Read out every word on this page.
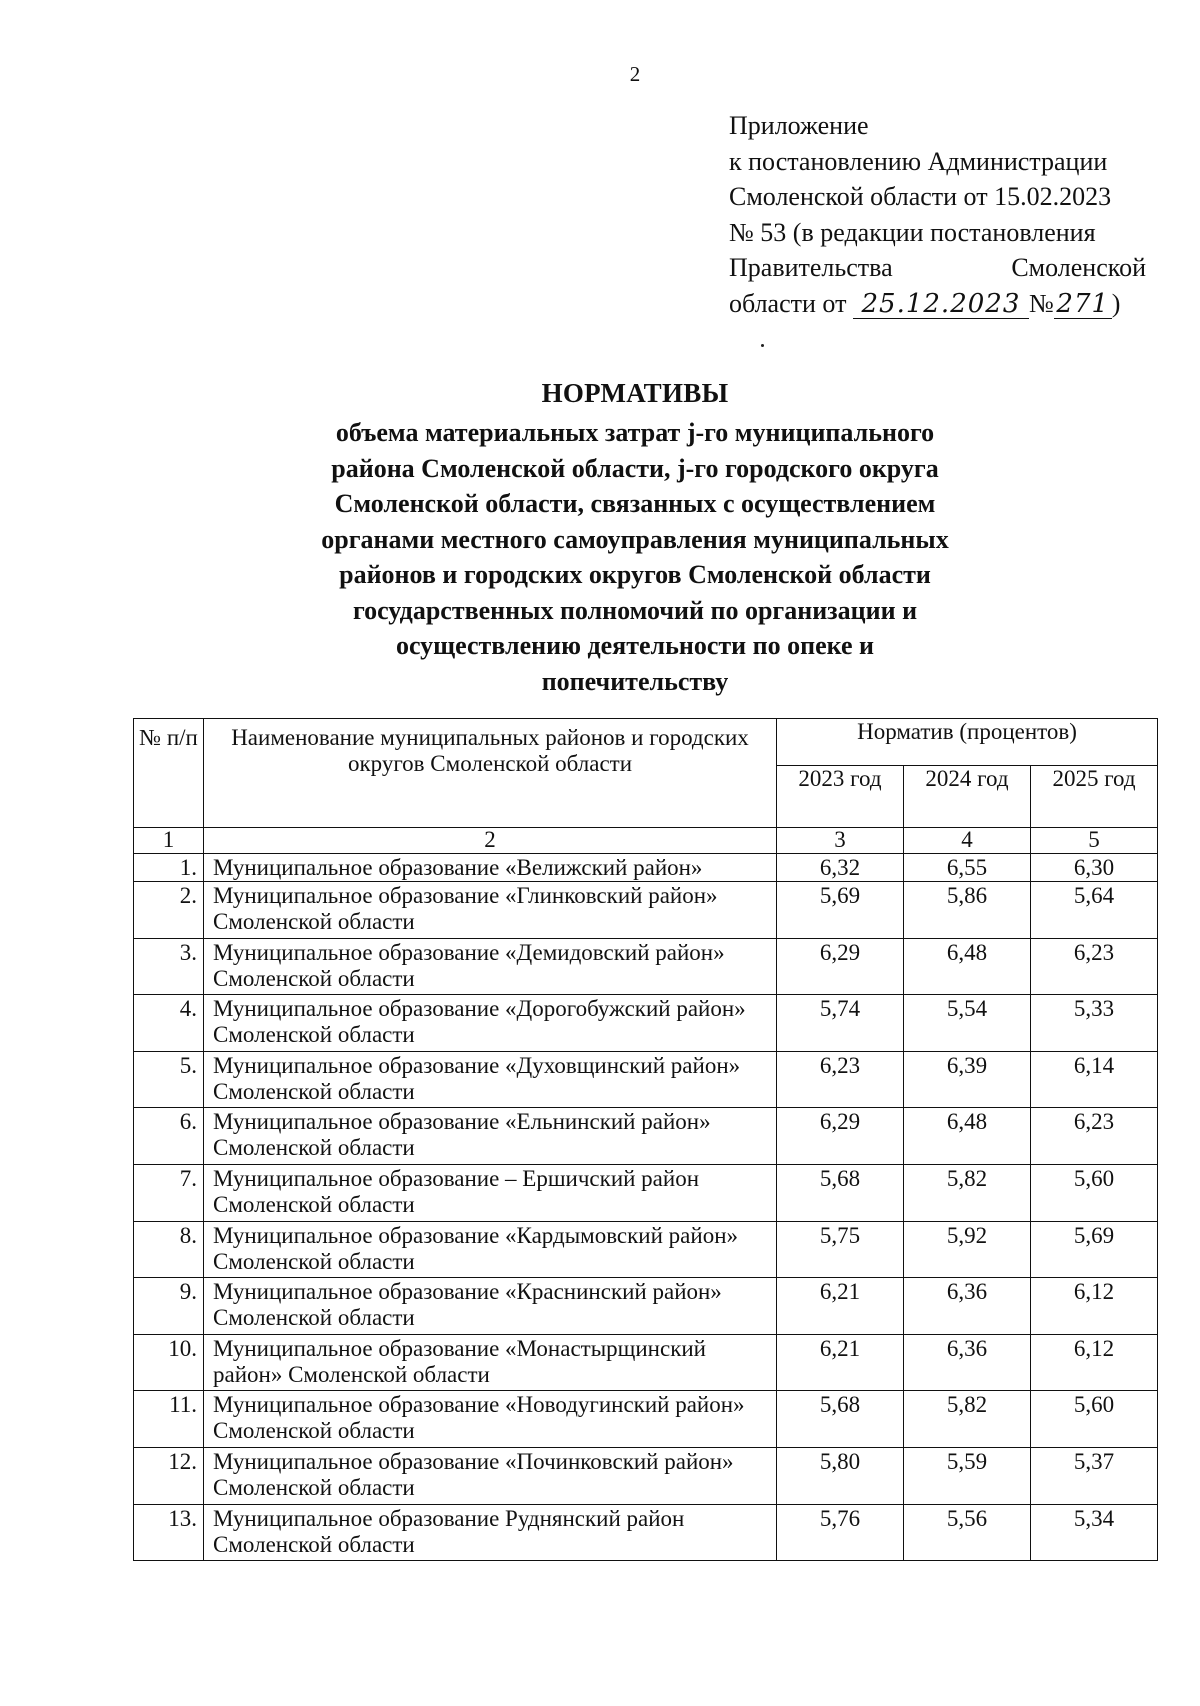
2
Приложение
к постановлению Администрации
Смоленской области от 15.02.2023
№ 53 (в редакции постановления
Правительства	Смоленской
области от 25.12.2023 № 271 )
НОРМАТИВЫ
объема материальных затрат j-го муниципального
района Смоленской области, j-го городского округа
Смоленской области, связанных с осуществлением
органами местного самоуправления муниципальных
районов и городских округов Смоленской области
государственных полномочий по организации и
осуществлению деятельности по опеке и
попечительству
№ п/п	Наименование муниципальных районов и городских округов Смоленской области	Норматив (процентов)		
		2023 год	2024 год	2025 год
1	2	3	4	5
1.	Муниципальное образование «Велижский район»	6,32	6,55	6,30
2.	Муниципальное образование «Глинковский район» Смоленской области	5,69	5,86	5,64
3.	Муниципальное образование «Демидовский район» Смоленской области	6,29	6,48	6,23
4.	Муниципальное образование «Дорогобужский район» Смоленской области	5,74	5,54	5,33
5.	Муниципальное образование «Духовщинский район» Смоленской области	6,23	6,39	6,14
6.	Муниципальное образование «Ельнинский район» Смоленской области	6,29	6,48	6,23
7.	Муниципальное образование – Ершичский район Смоленской области	5,68	5,82	5,60
8.	Муниципальное образование «Кардымовский район» Смоленской области	5,75	5,92	5,69
9.	Муниципальное образование «Краснинский район» Смоленской области	6,21	6,36	6,12
10.	Муниципальное образование «Монастырщинский район» Смоленской области	6,21	6,36	6,12
11.	Муниципальное образование «Новодугинский район» Смоленской области	5,68	5,82	5,60
12.	Муниципальное образование «Починковский район» Смоленской области	5,80	5,59	5,37
13.	Муниципальное образование Руднянский район Смоленской области	5,76	5,56	5,34
